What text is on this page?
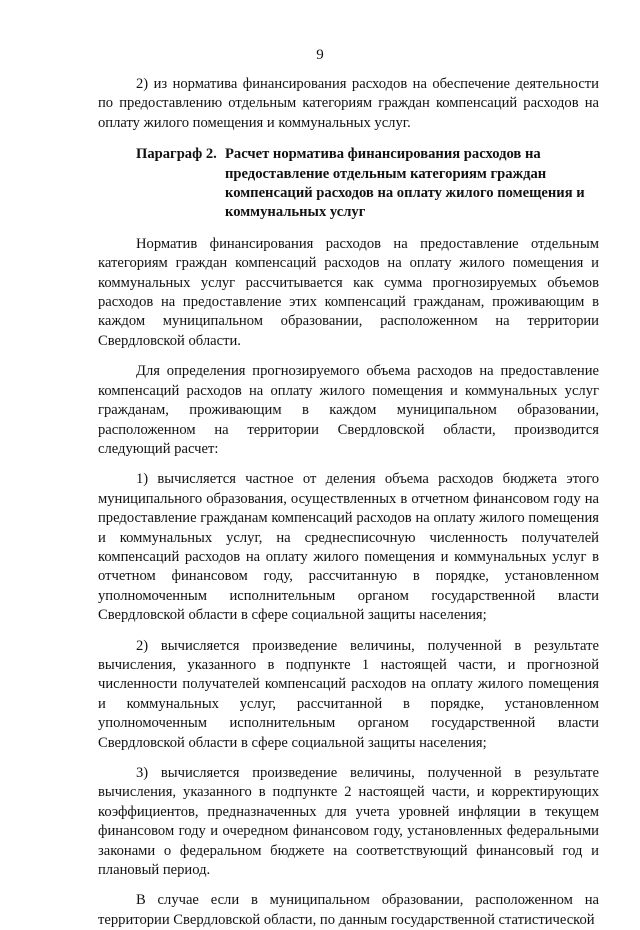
9

2) из норматива финансирования расходов на обеспечение деятельности по предоставлению отдельным категориям граждан компенсаций расходов на оплату жилого помещения и коммунальных услуг.

Параграф 2. Расчет норматива финансирования расходов на предоставление отдельным категориям граждан компенсаций расходов на оплату жилого помещения и коммунальных услуг

Норматив финансирования расходов на предоставление отдельным категориям граждан компенсаций расходов на оплату жилого помещения и коммунальных услуг рассчитывается как сумма прогнозируемых объемов расходов на предоставление этих компенсаций гражданам, проживающим в каждом муниципальном образовании, расположенном на территории Свердловской области.

Для определения прогнозируемого объема расходов на предоставление компенсаций расходов на оплату жилого помещения и коммунальных услуг гражданам, проживающим в каждом муниципальном образовании, расположенном на территории Свердловской области, производится следующий расчет:

1) вычисляется частное от деления объема расходов бюджета этого муниципального образования, осуществленных в отчетном финансовом году на предоставление гражданам компенсаций расходов на оплату жилого помещения и коммунальных услуг, на среднесписочную численность получателей компенсаций расходов на оплату жилого помещения и коммунальных услуг в отчетном финансовом году, рассчитанную в порядке, установленном уполномоченным исполнительным органом государственной власти Свердловской области в сфере социальной защиты населения;

2) вычисляется произведение величины, полученной в результате вычисления, указанного в подпункте 1 настоящей части, и прогнозной численности получателей компенсаций расходов на оплату жилого помещения и коммунальных услуг, рассчитанной в порядке, установленном уполномоченным исполнительным органом государственной власти Свердловской области в сфере социальной защиты населения;

3) вычисляется произведение величины, полученной в результате вычисления, указанного в подпункте 2 настоящей части, и корректирующих коэффициентов, предназначенных для учета уровней инфляции в текущем финансовом году и очередном финансовом году, установленных федеральными законами о федеральном бюджете на соответствующий финансовый год и плановый период.

В случае если в муниципальном образовании, расположенном на территории Свердловской области, по данным государственной статистической
